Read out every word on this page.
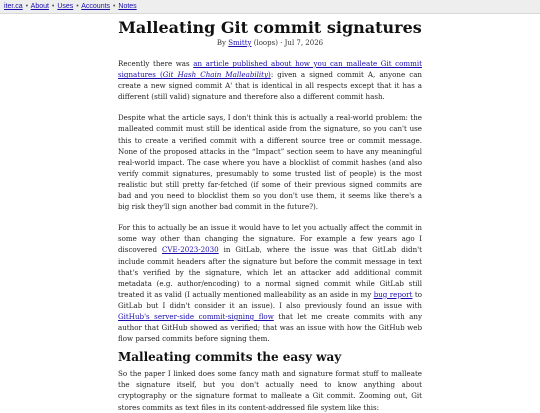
iter.ca • About • Uses • Accounts • Notes
Malleating Git commit signatures
By Smitty (loops) · Jul 7, 2026

Recently there was an article published about how you can malleate Git commit signatures (Git Hash Chain Malleability): given a signed commit A, anyone can create a new signed commit A' that is identical in all respects except that it has a different (still valid) signature and therefore also a different commit hash.

Despite what the article says, I don't think this is actually a real-world problem: the malleated commit must still be identical aside from the signature, so you can't use this to create a verified commit with a different source tree or commit message. None of the proposed attacks in the “Impact” section seem to have any meaningful real-world impact. The case where you have a blocklist of commit hashes (and also verify commit signatures, presumably to some trusted list of people) is the most realistic but still pretty far-fetched (if some of their previous signed commits are bad and you need to blocklist them so you don't use them, it seems like there's a big risk they'll sign another bad commit in the future?).

For this to actually be an issue it would have to let you actually affect the commit in some way other than changing the signature. For example a few years ago I discovered CVE-2023-2030 in GitLab, where the issue was that GitLab didn't include commit headers after the signature but before the commit message in text that's verified by the signature, which let an attacker add additional commit metadata (e.g. author/encoding) to a normal signed commit while GitLab still treated it as valid (I actually mentioned malleability as an aside in my bug report to GitLab but I didn't consider it an issue). I also previously found an issue with GitHub's server-side commit-signing flow that let me create commits with any author that GitHub showed as verified; that was an issue with how the GitHub web flow parsed commits before signing them.

Malleating commits the easy way

So the paper I linked does some fancy math and signature format stuff to malleate the signature itself, but you don't actually need to know anything about cryptography or the signature format to malleate a Git commit. Zooming out, Git stores commits as text files in its content-addressed file system like this:
